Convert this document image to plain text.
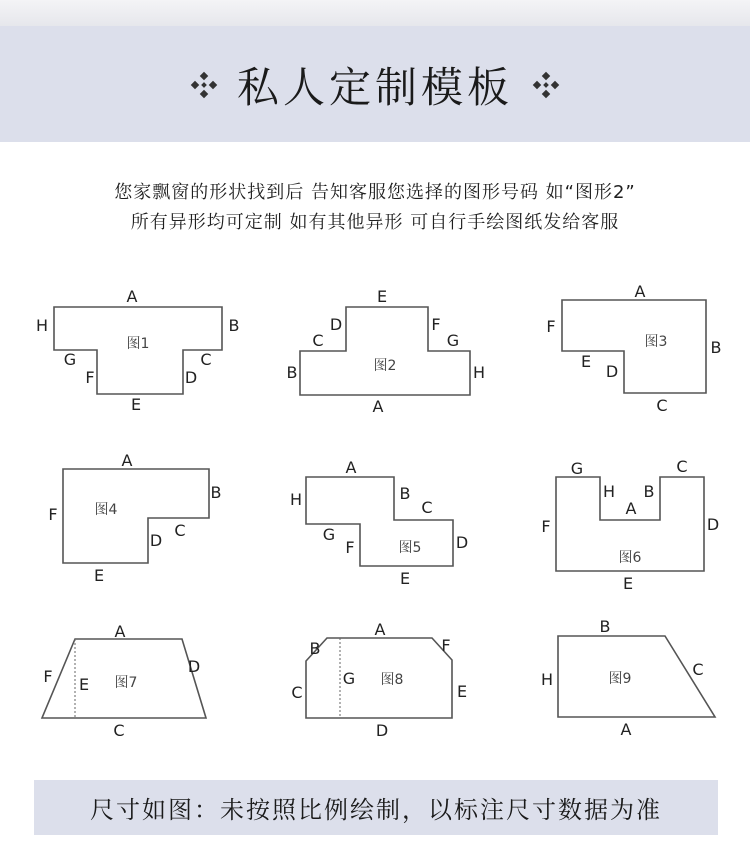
私人定制模板
您家飘窗的形状找到后 告知客服您选择的图形号码 如“图形2”
所有异形均可定制 如有其他异形 可自行手绘图纸发给客服
图1
A
B
C
D
E
F
G
H
图2
A
B
C
D
E
F
G
H
图3
A
B
C
D
E
F
图4
A
B
C
D
E
F
图5
A
B
C
D
E
F
G
H
图6
A
B
C
D
E
F
G
H
图7
A
C
D
E
F	图8
A
B
C
D
E
F
G	图9
B
C
A
H
尺寸如图：未按照比例绘制，以标注尺寸数据为准
